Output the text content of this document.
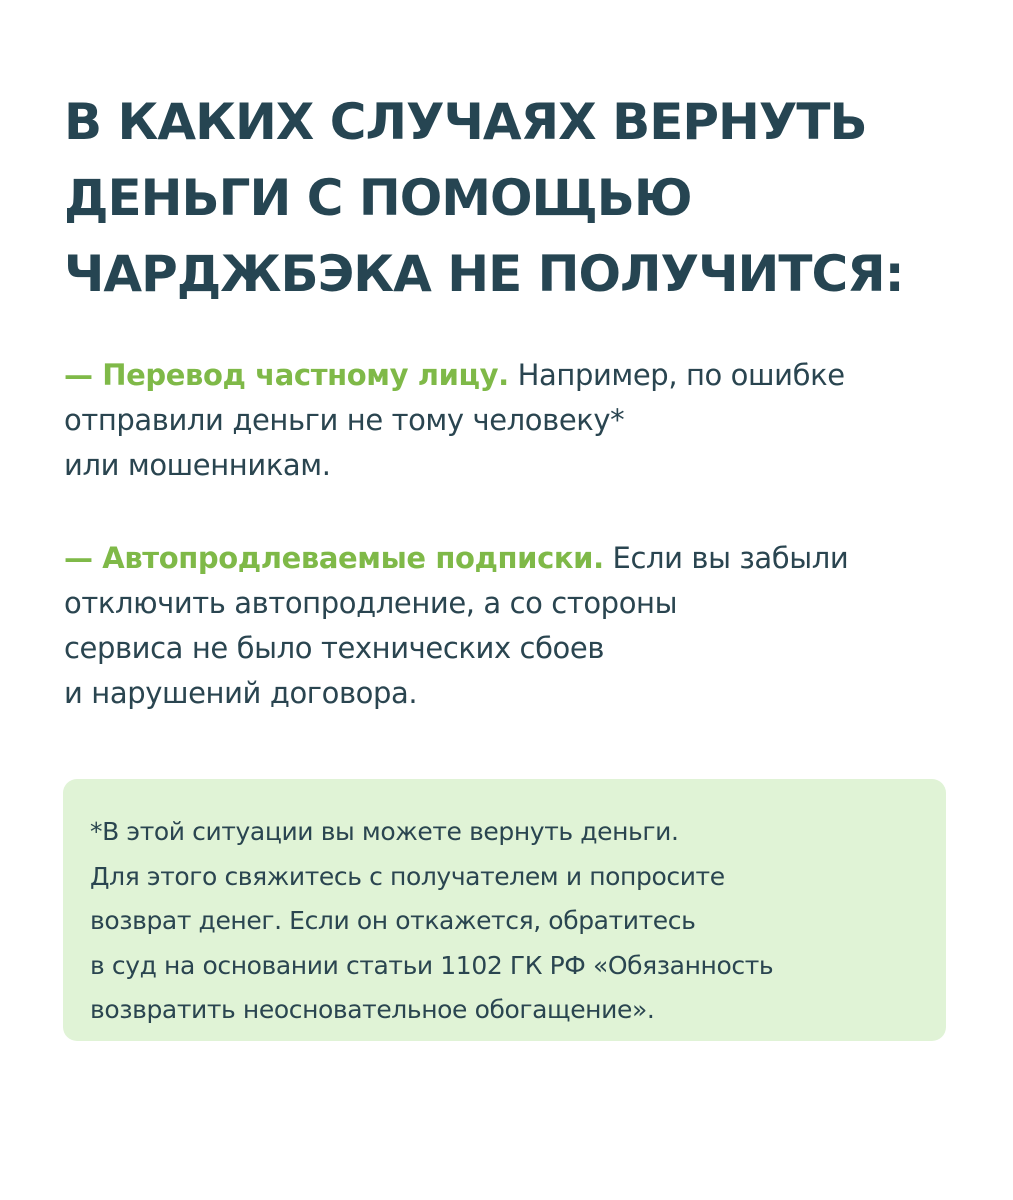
В КАКИХ СЛУЧАЯХ ВЕРНУТЬ
ДЕНЬГИ С ПОМОЩЬЮ
ЧАРДЖБЭКА НЕ ПОЛУЧИТСЯ:

— Перевод частному лицу. Например, по ошибке
отправили деньги не тому человеку*
или мошенникам.

— Автопродлеваемые подписки. Если вы забыли
отключить автопродление, а со стороны
сервиса не было технических сбоев
и нарушений договора.

*В этой ситуации вы можете вернуть деньги.
Для этого свяжитесь с получателем и попросите
возврат денег. Если он откажется, обратитесь
в суд на основании статьи 1102 ГК РФ «Обязанность
возвратить неосновательное обогащение».
